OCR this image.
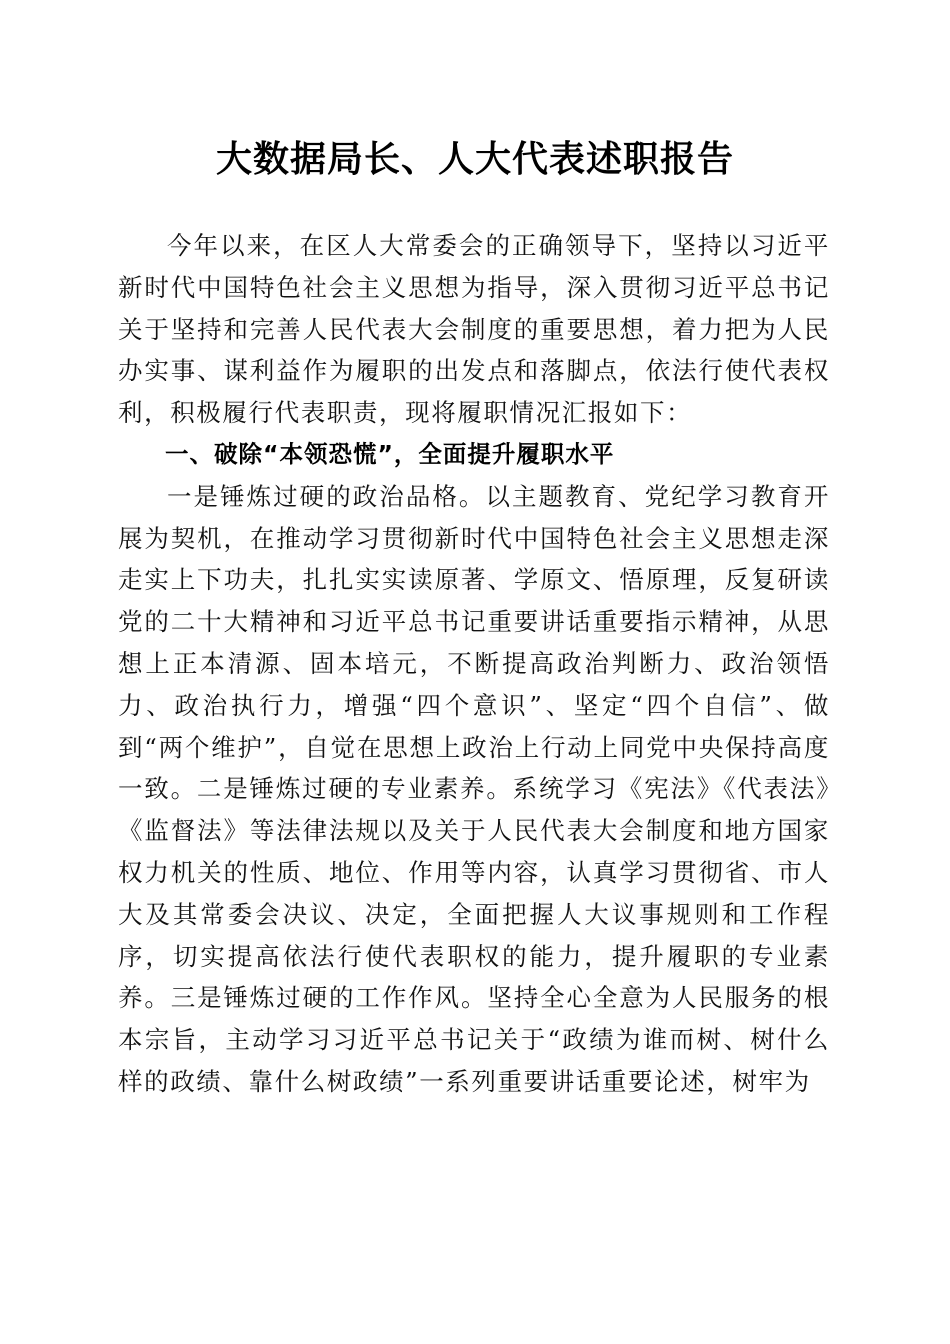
大数据局长、人大代表述职报告

今年以来，在区人大常委会的正确领导下，坚持以习近平新时代中国特色社会主义思想为指导，深入贯彻习近平总书记关于坚持和完善人民代表大会制度的重要思想，着力把为人民办实事、谋利益作为履职的出发点和落脚点，依法行使代表权利，积极履行代表职责，现将履职情况汇报如下：

一、破除“本领恐慌”，全面提升履职水平

一是锤炼过硬的政治品格。以主题教育、党纪学习教育开展为契机，在推动学习贯彻新时代中国特色社会主义思想走深走实上下功夫，扎扎实实读原著、学原文、悟原理，反复研读党的二十大精神和习近平总书记重要讲话重要指示精神，从思想上正本清源、固本培元，不断提高政治判断力、政治领悟力、政治执行力，增强“四个意识”、坚定“四个自信”、做到“两个维护”，自觉在思想上政治上行动上同党中央保持高度一致。二是锤炼过硬的专业素养。系统学习《宪法》《代表法》《监督法》等法律法规以及关于人民代表大会制度和地方国家权力机关的性质、地位、作用等内容，认真学习贯彻省、市人大及其常委会决议、决定，全面把握人大议事规则和工作程序，切实提高依法行使代表职权的能力，提升履职的专业素养。三是锤炼过硬的工作作风。坚持全心全意为人民服务的根本宗旨，主动学习习近平总书记关于“政绩为谁而树、树什么样的政绩、靠什么树政绩”一系列重要讲话重要论述，树牢为
